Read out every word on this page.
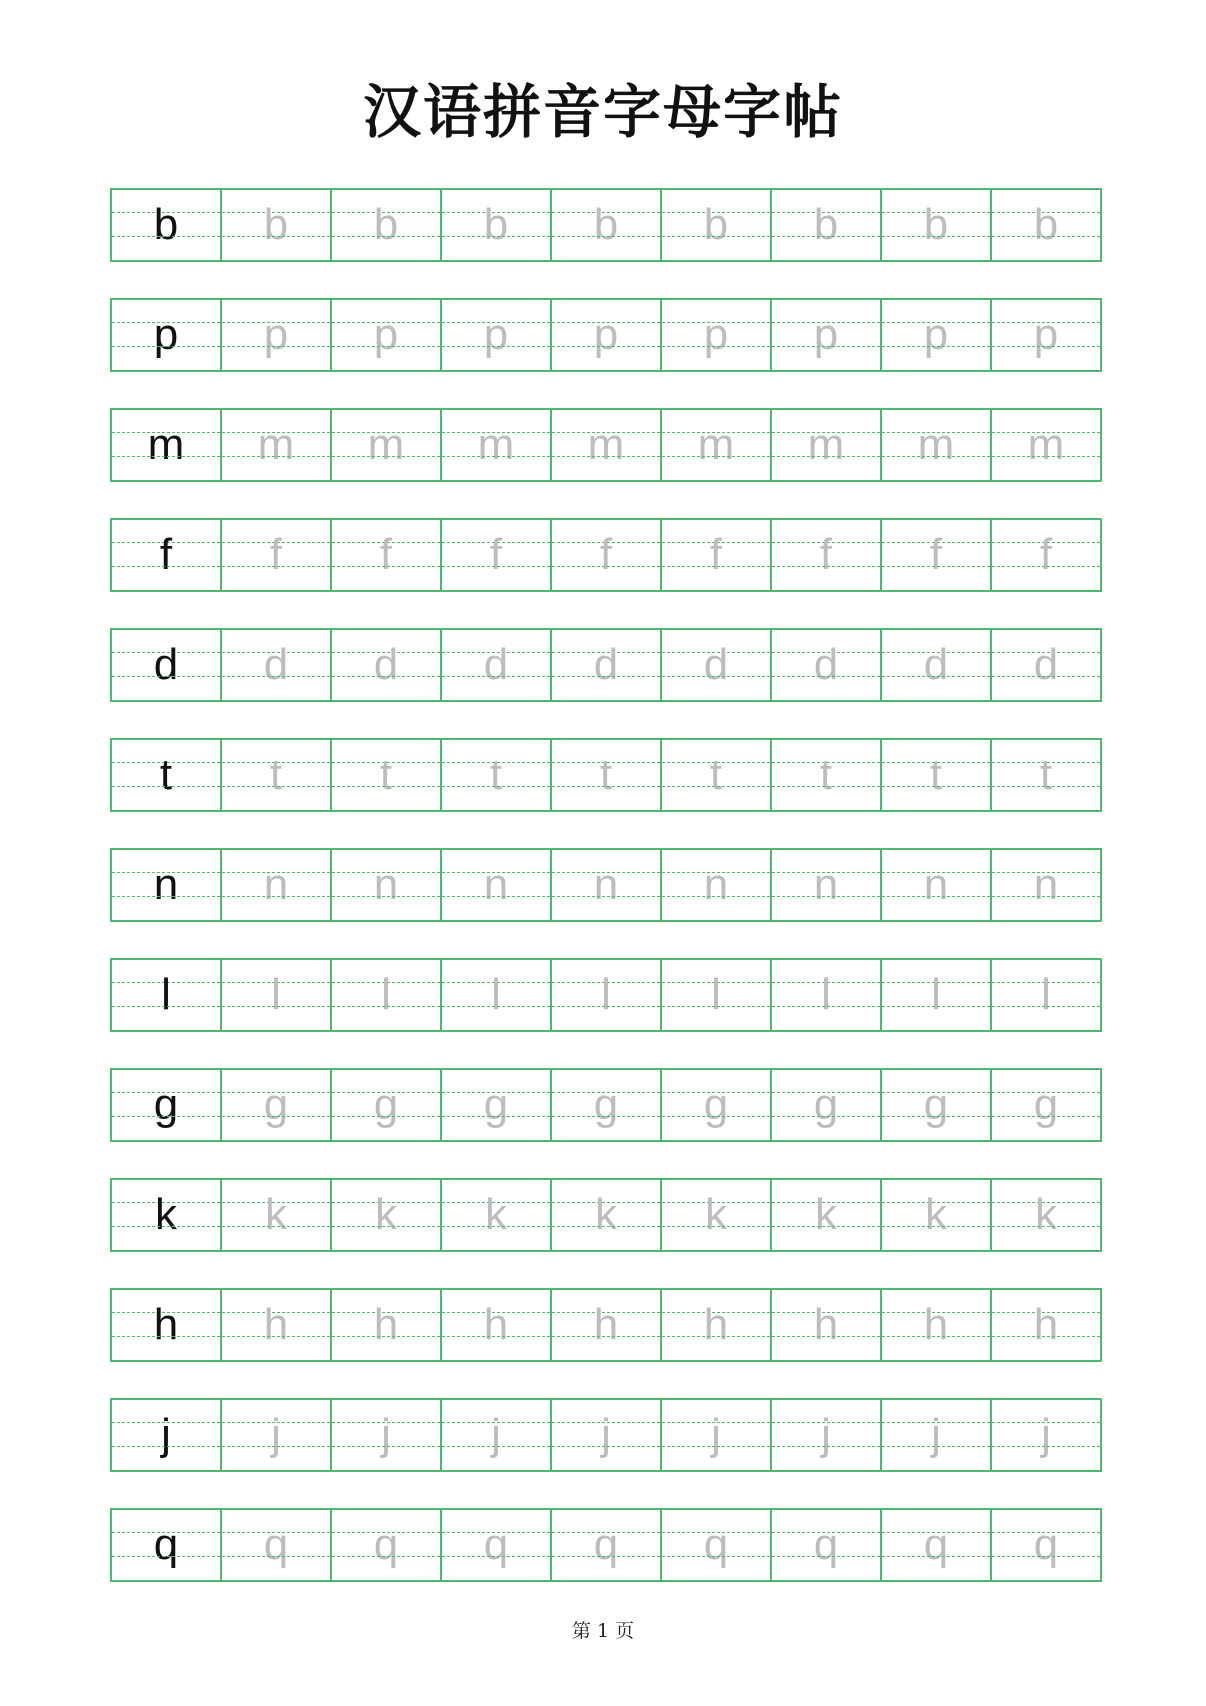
汉语拼音字母字帖
b	b	b	b	b	b	b	b	b
p	p	p	p	p	p	p	p	p
m	m	m	m	m	m	m	m	m
f	f	f	f	f	f	f	f	f
d	d	d	d	d	d	d	d	d
t	t	t	t	t	t	t	t	t
n	n	n	n	n	n	n	n	n
l	l	l	l	l	l	l	l	l
g	g	g	g	g	g	g	g	g
k	k	k	k	k	k	k	k	k
h	h	h	h	h	h	h	h	h
j	j	j	j	j	j	j	j	j
q	q	q	q	q	q	q	q	q
第 1 页
